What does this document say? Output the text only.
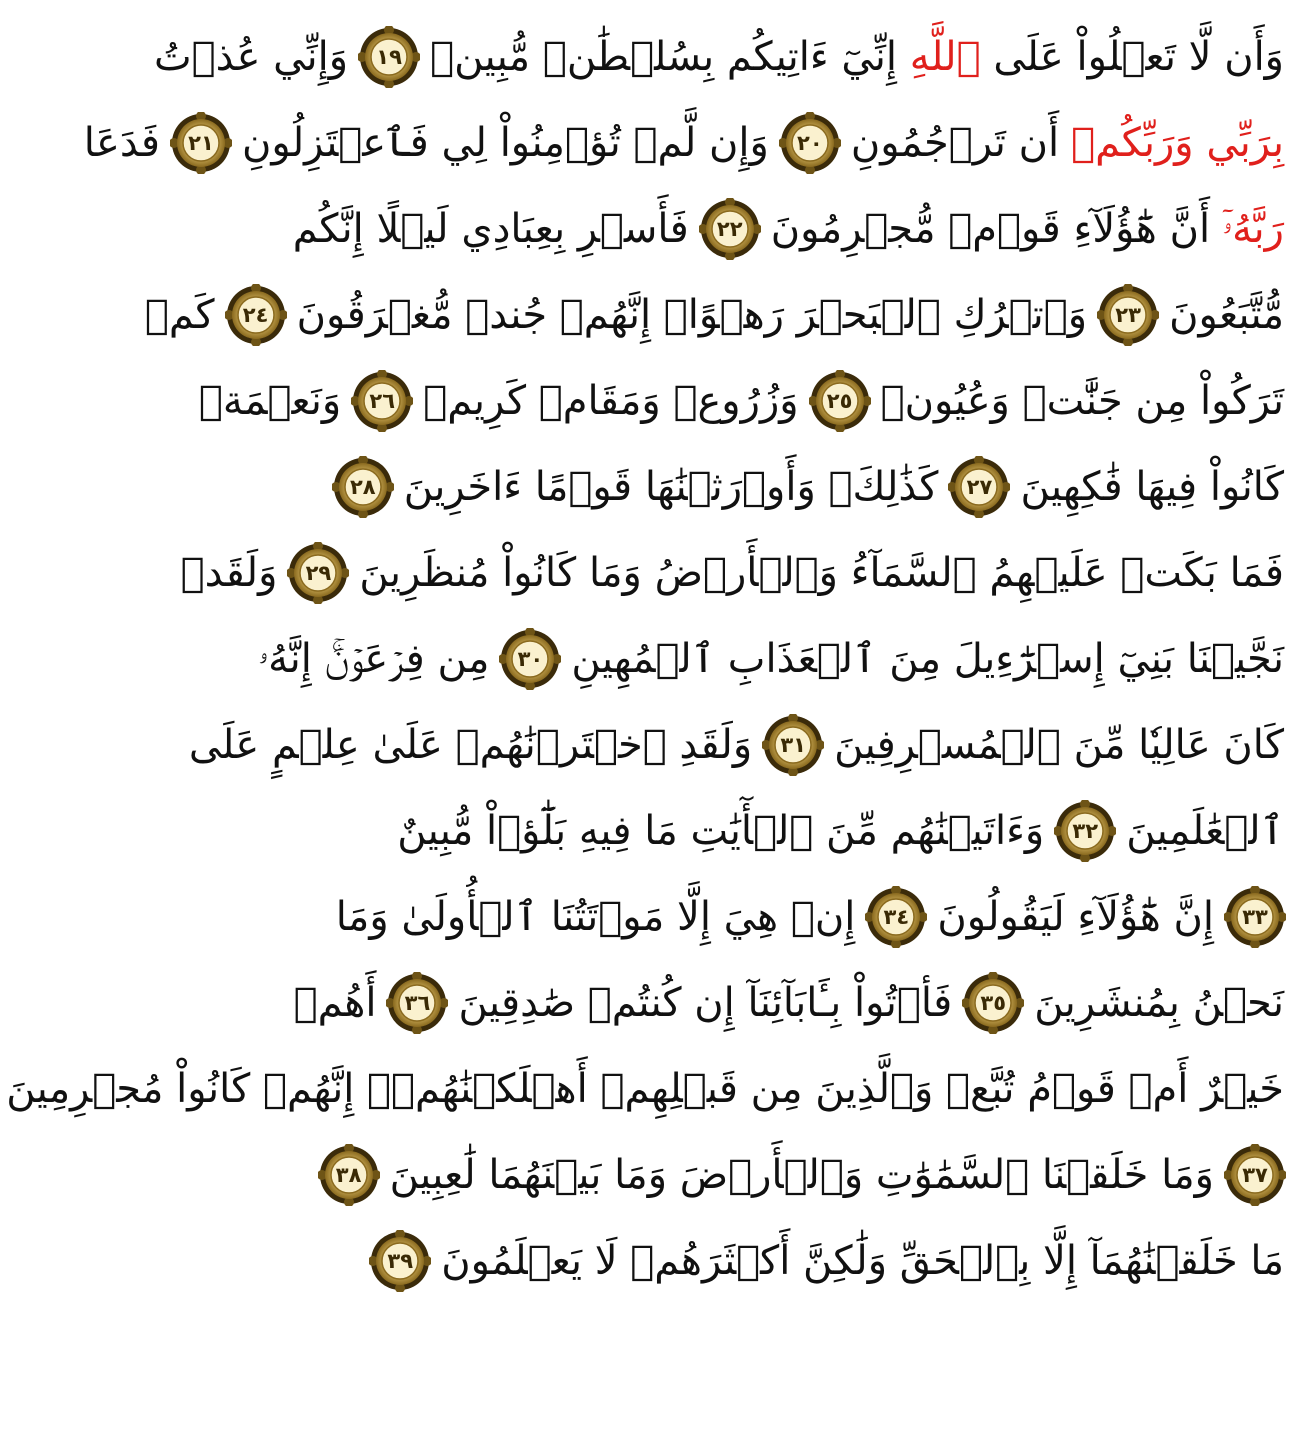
وَأَن لَّا تَعۡلُواْ عَلَى ٱللَّهِ إِنِّيٓ ءَاتِيكُم بِسُلۡطَٰنٖ مُّبِينٖ
١٩
وَإِنِّي عُذۡتُ
بِرَبِّي وَرَبِّكُمۡ
أَن تَرۡجُمُونِ
٢٠
وَإِن لَّمۡ تُؤۡمِنُواْ لِي فَٱعۡتَزِلُونِ
٢١
فَدَعَا
رَبَّهُۥٓ
أَنَّ هَٰٓؤُلَآءِ قَوۡمٞ مُّجۡرِمُونَ
٢٢
فَأَسۡرِ بِعِبَادِي لَيۡلًا إِنَّكُم
مُّتَّبَعُونَ
٢٣
وَٱتۡرُكِ ٱلۡبَحۡرَ رَهۡوًاۖ إِنَّهُمۡ جُندٞ مُّغۡرَقُونَ
٢٤
كَمۡ
تَرَكُواْ مِن جَنَّٰتٖ وَعُيُونٖ
٢٥
وَزُرُوعٖ وَمَقَامٖ كَرِيمٖ
٢٦
وَنَعۡمَةٖ
كَانُواْ فِيهَا فَٰكِهِينَ
٢٧
كَذَٰلِكَۖ وَأَوۡرَثۡنَٰهَا قَوۡمًا ءَاخَرِينَ
٢٨
فَمَا بَكَتۡ عَلَيۡهِمُ ٱلسَّمَآءُ وَٱلۡأَرۡضُ وَمَا كَانُواْ مُنظَرِينَ
٢٩
وَلَقَدۡ
نَجَّيۡنَا بَنِيٓ إِسۡرَٰٓءِيلَ مِنَ ٱلۡعَذَابِ ٱلۡمُهِينِ
٣٠
مِن فِرۡعَوۡنَۚ إِنَّهُۥ
كَانَ عَالِيٗا مِّنَ ٱلۡمُسۡرِفِينَ
٣١
وَلَقَدِ ٱخۡتَرۡنَٰهُمۡ عَلَىٰ عِلۡمٍ عَلَى
ٱلۡعَٰلَمِينَ
٣٢
وَءَاتَيۡنَٰهُم مِّنَ ٱلۡأٓيَٰتِ مَا فِيهِ بَلَٰٓؤٞاْ مُّبِينٌ
٣٣
إِنَّ هَٰٓؤُلَآءِ لَيَقُولُونَ
٣٤
إِنۡ هِيَ إِلَّا مَوۡتَتُنَا ٱلۡأُولَىٰ وَمَا
نَحۡنُ بِمُنشَرِينَ
٣٥
فَأۡتُواْ بِـَٔابَآئِنَآ إِن كُنتُمۡ صَٰدِقِينَ
٣٦
أَهُمۡ
خَيۡرٌ أَمۡ قَوۡمُ تُبَّعٖ وَٱلَّذِينَ مِن قَبۡلِهِمۡ أَهۡلَكۡنَٰهُمۡۖ إِنَّهُمۡ كَانُواْ مُجۡرِمِينَ
٣٧
وَمَا خَلَقۡنَا ٱلسَّمَٰوَٰتِ وَٱلۡأَرۡضَ وَمَا بَيۡنَهُمَا لَٰعِبِينَ
٣٨
مَا خَلَقۡنَٰهُمَآ إِلَّا بِٱلۡحَقِّ وَلَٰكِنَّ أَكۡثَرَهُمۡ لَا يَعۡلَمُونَ
٣٩
